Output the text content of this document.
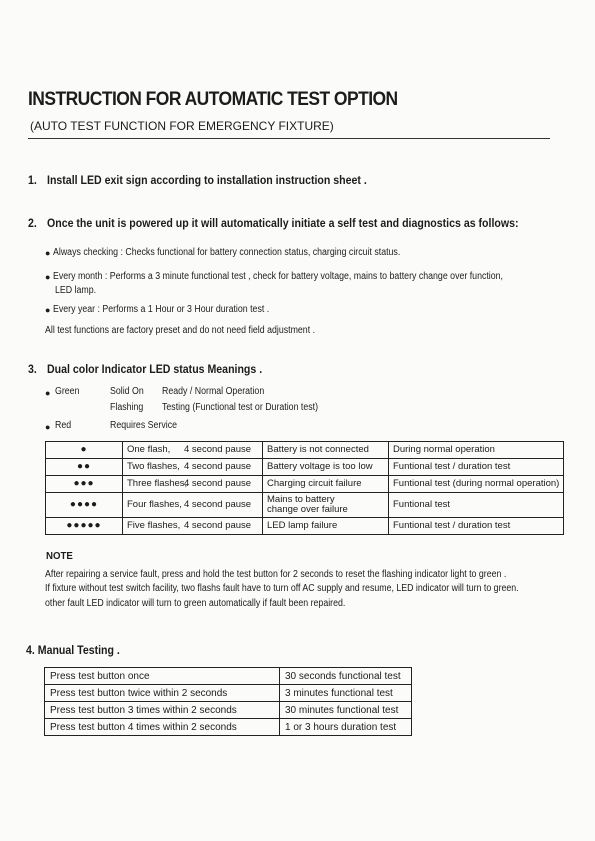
INSTRUCTION FOR AUTOMATIC TEST OPTION
(AUTO TEST FUNCTION FOR EMERGENCY FIXTURE)
1. Install LED exit sign according to installation instruction sheet .
2. Once the unit is powered up it will automatically initiate a self test and diagnostics as follows:
● Always checking : Checks functional for battery connection status, charging circuit status.
● Every month : Performs a 3 minute functional test , check for battery voltage, mains to battery change over function,
LED lamp.
● Every year : Performs a 1 Hour or 3 Hour duration test .
All test functions are factory preset and do not need field adjustment .
3. Dual color Indicator LED status Meanings .
● Green	Solid On Ready / Normal Operation
Flashing Testing (Functional test or Duration test)
● Red	Requires Service
●	One flash, 4 second pause	Battery is not connected	During normal operation
●●	Two flashes, 4 second pause	Battery voltage is too low	Funtional test / duration test
●●●	Three flashes,4 second pause	Charging circuit failure	Funtional test (during normal operation)
●●●●	Four flashes, 4 second pause	Mains to battery
change over failure	Funtional test
●●●●●	Five flashes, 4 second pause	LED lamp failure	Funtional test / duration test
NOTE
After repairing a service fault, press and hold the test button for 2 seconds to reset the flashing indicator light to green .
If fixture without test switch facility, two flashs fault have to turn off AC supply and resume, LED indicator will turn to green.
other fault LED indicator will turn to green automatically if fault been repaired.
4. Manual Testing .
Press test button once	30 seconds functional test
Press test button twice within 2 seconds	3 minutes functional test
Press test button 3 times within 2 seconds	30 minutes functional test
Press test button 4 times within 2 seconds	1 or 3 hours duration test
